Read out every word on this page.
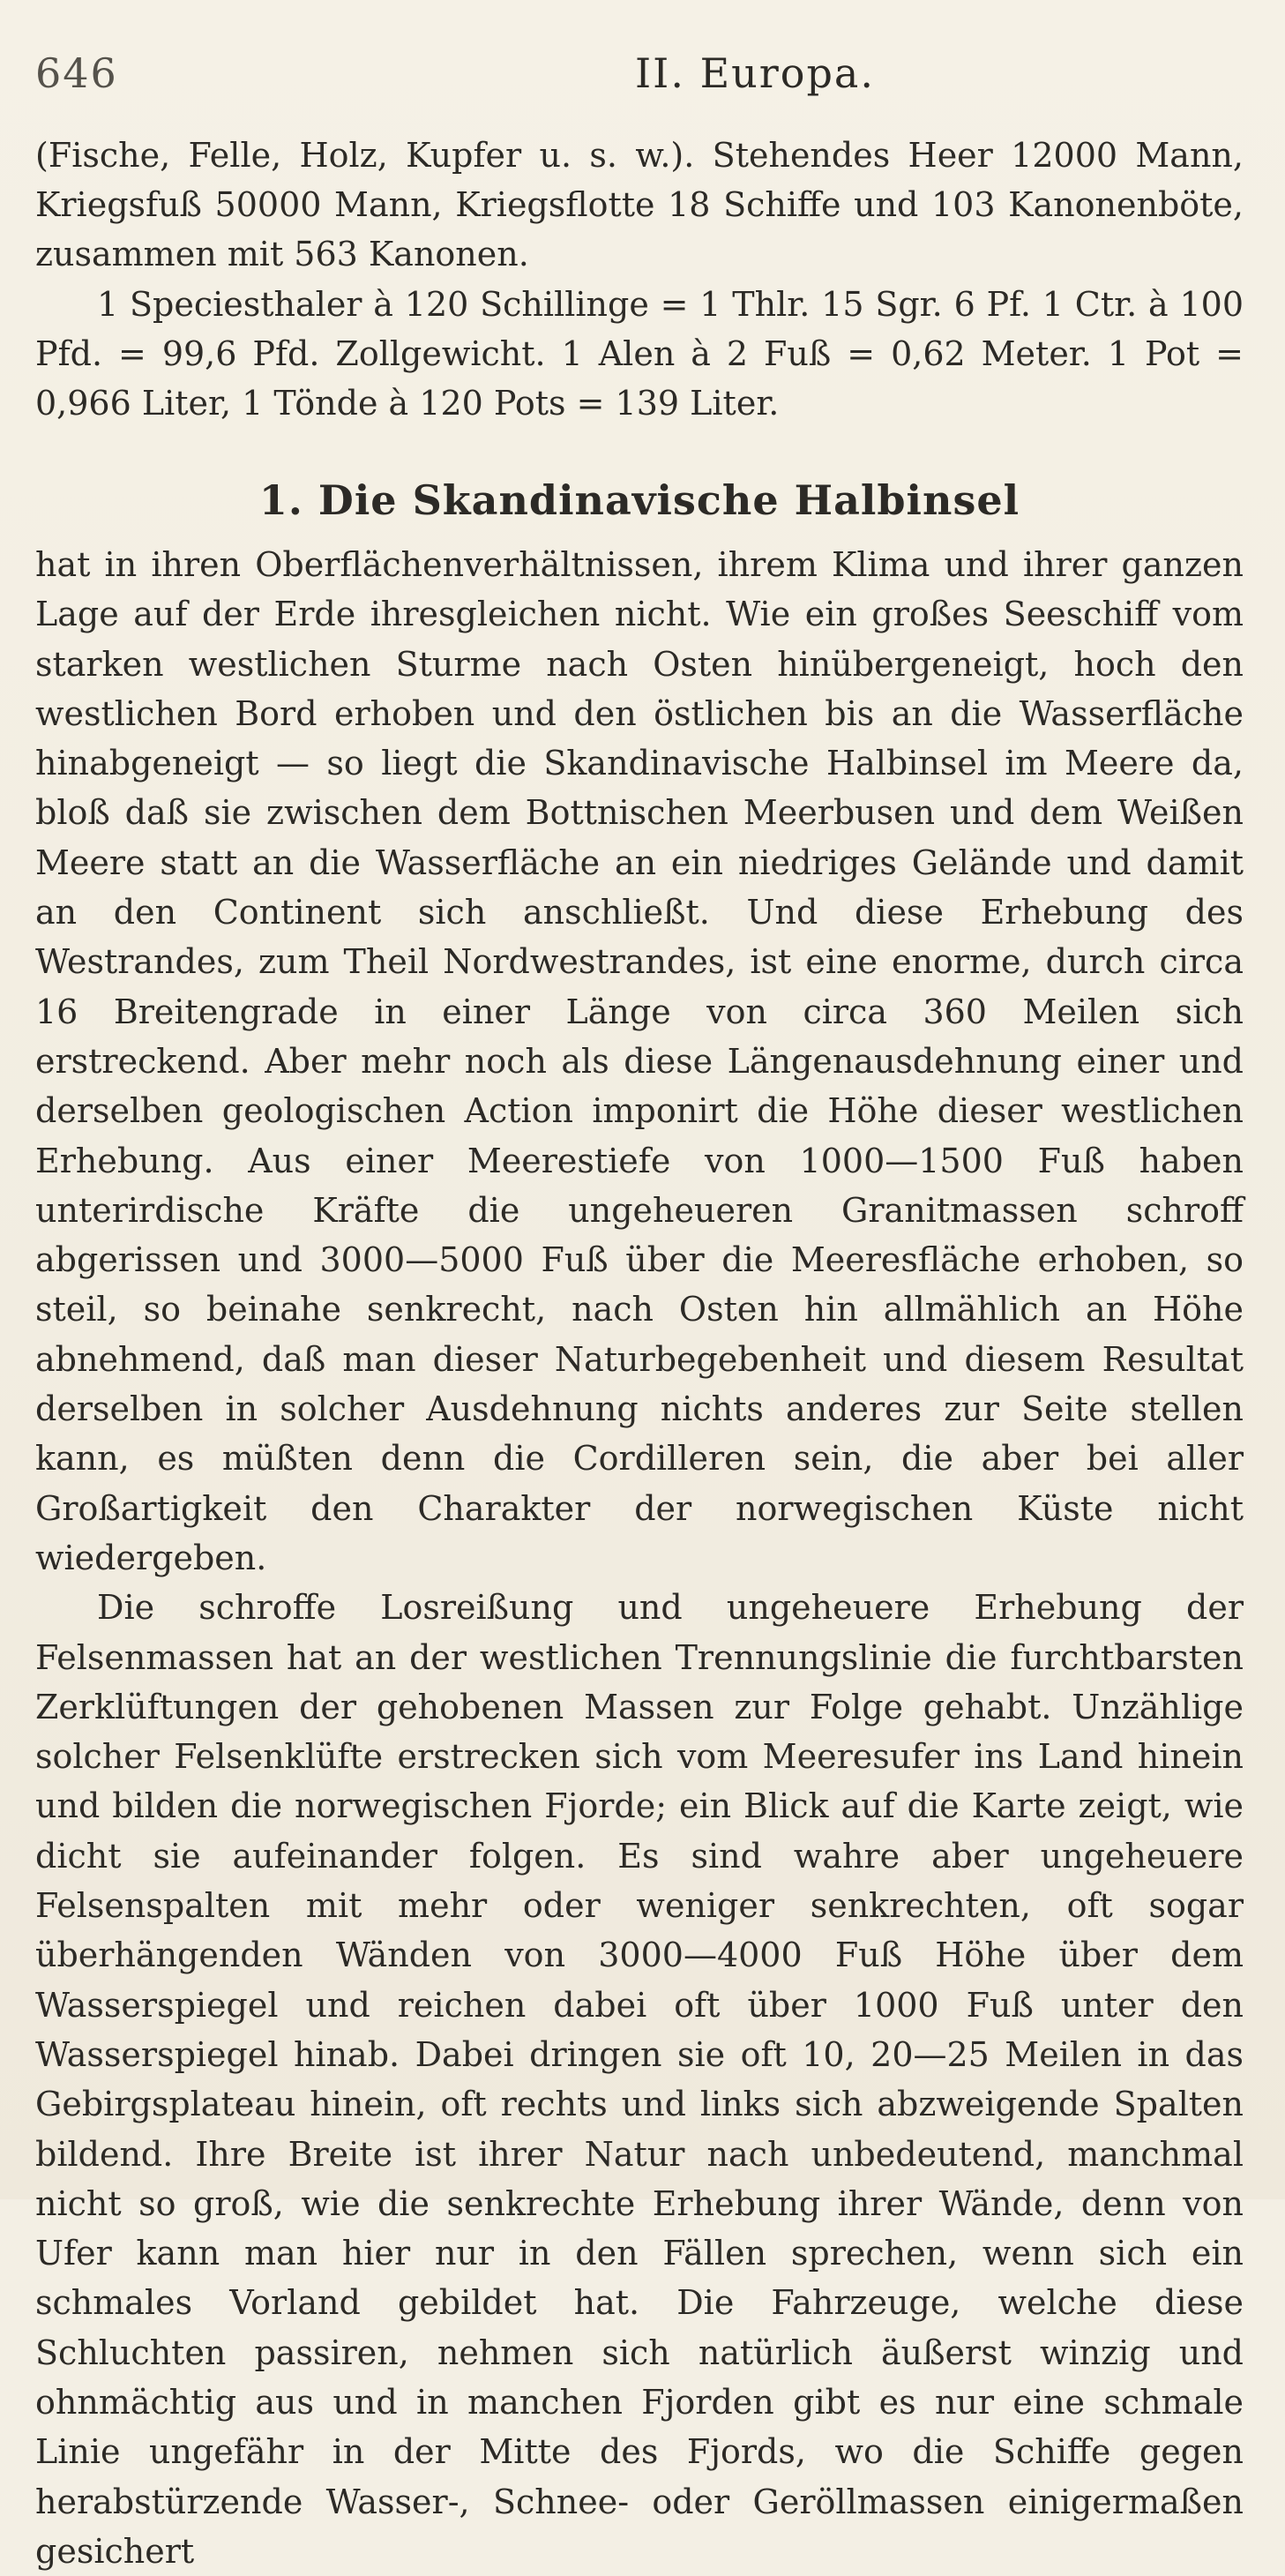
646	II. Europa.

(Fische, Felle, Holz, Kupfer u. s. w.). Stehendes Heer 12000 Mann, Kriegsfuß 50000 Mann, Kriegsflotte 18 Schiffe und 103 Kanonenböte, zusammen mit 563 Kanonen.

1 Speciesthaler à 120 Schillinge = 1 Thlr. 15 Sgr. 6 Pf. 1 Ctr. à 100 Pfd. = 99,6 Pfd. Zollgewicht. 1 Alen à 2 Fuß = 0,62 Meter. 1 Pot = 0,966 Liter, 1 Tönde à 120 Pots = 139 Liter.

1. Die Skandinavische Halbinsel

hat in ihren Oberflächenverhältnissen, ihrem Klima und ihrer ganzen Lage auf der Erde ihresgleichen nicht. Wie ein großes Seeschiff vom starken westlichen Sturme nach Osten hinübergeneigt, hoch den westlichen Bord erhoben und den östlichen bis an die Wasserfläche hinabgeneigt — so liegt die Skandinavische Halbinsel im Meere da, bloß daß sie zwischen dem Bottnischen Meerbusen und dem Weißen Meere statt an die Wasserfläche an ein niedriges Gelände und damit an den Continent sich anschließt. Und diese Erhebung des Westrandes, zum Theil Nordwestrandes, ist eine enorme, durch circa 16 Breitengrade in einer Länge von circa 360 Meilen sich erstreckend. Aber mehr noch als diese Längenausdehnung einer und derselben geologischen Action imponirt die Höhe dieser westlichen Erhebung. Aus einer Meerestiefe von 1000—1500 Fuß haben unterirdische Kräfte die ungeheueren Granitmassen schroff abgerissen und 3000—5000 Fuß über die Meeresfläche erhoben, so steil, so beinahe senkrecht, nach Osten hin allmählich an Höhe abnehmend, daß man dieser Naturbegebenheit und diesem Resultat derselben in solcher Ausdehnung nichts anderes zur Seite stellen kann, es müßten denn die Cordilleren sein, die aber bei aller Großartigkeit den Charakter der norwegischen Küste nicht wiedergeben.

Die schroffe Losreißung und ungeheuere Erhebung der Felsenmassen hat an der westlichen Trennungslinie die furchtbarsten Zerklüftungen der gehobenen Massen zur Folge gehabt. Unzählige solcher Felsenklüfte erstrecken sich vom Meeresufer ins Land hinein und bilden die norwegischen Fjorde; ein Blick auf die Karte zeigt, wie dicht sie aufeinander folgen. Es sind wahre aber ungeheuere Felsenspalten mit mehr oder weniger senkrechten, oft sogar überhängenden Wänden von 3000—4000 Fuß Höhe über dem Wasserspiegel und reichen dabei oft über 1000 Fuß unter den Wasserspiegel hinab. Dabei dringen sie oft 10, 20—25 Meilen in das Gebirgsplateau hinein, oft rechts und links sich abzweigende Spalten bildend. Ihre Breite ist ihrer Natur nach unbedeutend, manchmal nicht so groß, wie die senkrechte Erhebung ihrer Wände, denn von Ufer kann man hier nur in den Fällen sprechen, wenn sich ein schmales Vorland gebildet hat. Die Fahrzeuge, welche diese Schluchten passiren, nehmen sich natürlich äußerst winzig und ohnmächtig aus und in manchen Fjorden gibt es nur eine schmale Linie ungefähr in der Mitte des Fjords, wo die Schiffe gegen herabstürzende Wasser-, Schnee- oder Geröllmassen einigermaßen gesichert
